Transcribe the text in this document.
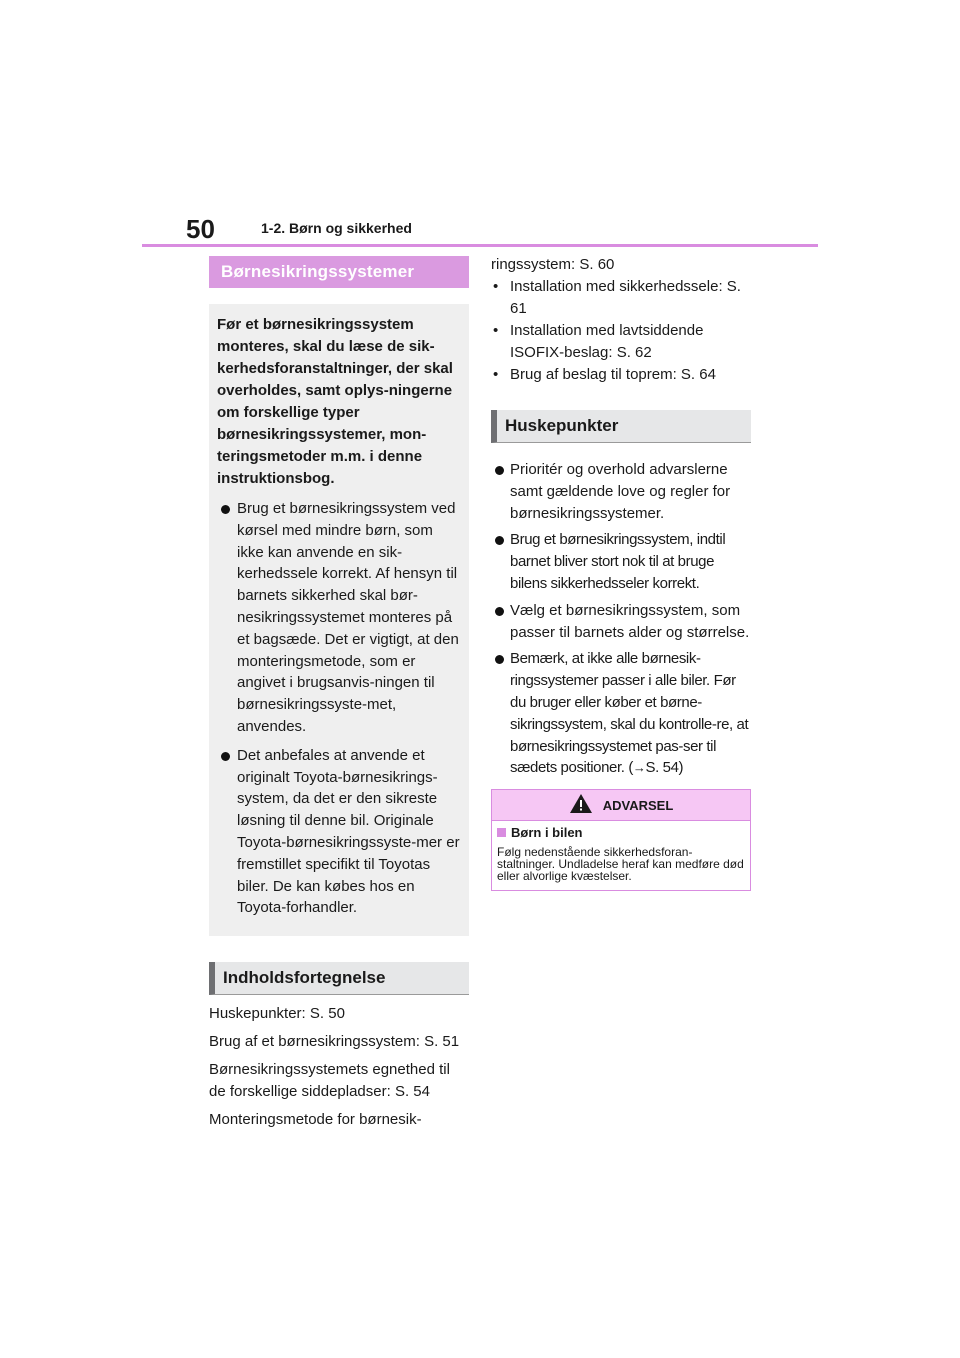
50	1-2. Børn og sikkerhed
Børnesikringssystemer

Før et børnesikringssystem monteres, skal du læse de sik-kerhedsforanstaltninger, der skal overholdes, samt oplys-ningerne om forskellige typer børnesikringssystemer, mon-teringsmetoder m.m. i denne instruktionsbog.

Brug et børnesikringssystem ved kørsel med mindre børn, som ikke kan anvende en sik-kerhedssele korrekt. Af hensyn til barnets sikkerhed skal bør-nesikringssystemet monteres på et bagsæde. Det er vigtigt, at den monteringsmetode, som er angivet i brugsanvis-ningen til børnesikringssyste-met, anvendes.
Det anbefales at anvende et originalt Toyota-børnesikrings-system, da det er den sikreste løsning til denne bil. Originale Toyota-børnesikringssyste-mer er fremstillet specifikt til Toyotas biler. De kan købes hos en Toyota-forhandler.
Indholdsfortegnelse

Huskepunkter: S. 50

Brug af et børnesikringssystem: S. 51

Børnesikringssystemets egnethed til de forskellige siddepladser: S. 54

Monteringsmetode for børnesik-

ringssystem: S. 60

• Installation med sikkerhedssele: S. 61
• Installation med lavtsiddende ISOFIX-beslag: S. 62
• Brug af beslag til toprem: S. 64
Huskepunkter
Prioritér og overhold advarslerne samt gældende love og regler for børnesikringssystemer.
Brug et børnesikringssystem, indtil barnet bliver stort nok til at bruge bilens sikkerhedsseler korrekt.
Vælg et børnesikringssystem, som passer til barnets alder og størrelse.
Bemærk, at ikke alle børnesik-ringssystemer passer i alle biler. Før du bruger eller køber et børne-sikringssystem, skal du kontrolle-re, at børnesikringssystemet pas-ser til sædets positioner. (→S. 54)
ADVARSEL
Børn i bilen

Følg nedenstående sikkerhedsforan-staltninger. Undladelse heraf kan medføre død eller alvorlige kvæstelser.
